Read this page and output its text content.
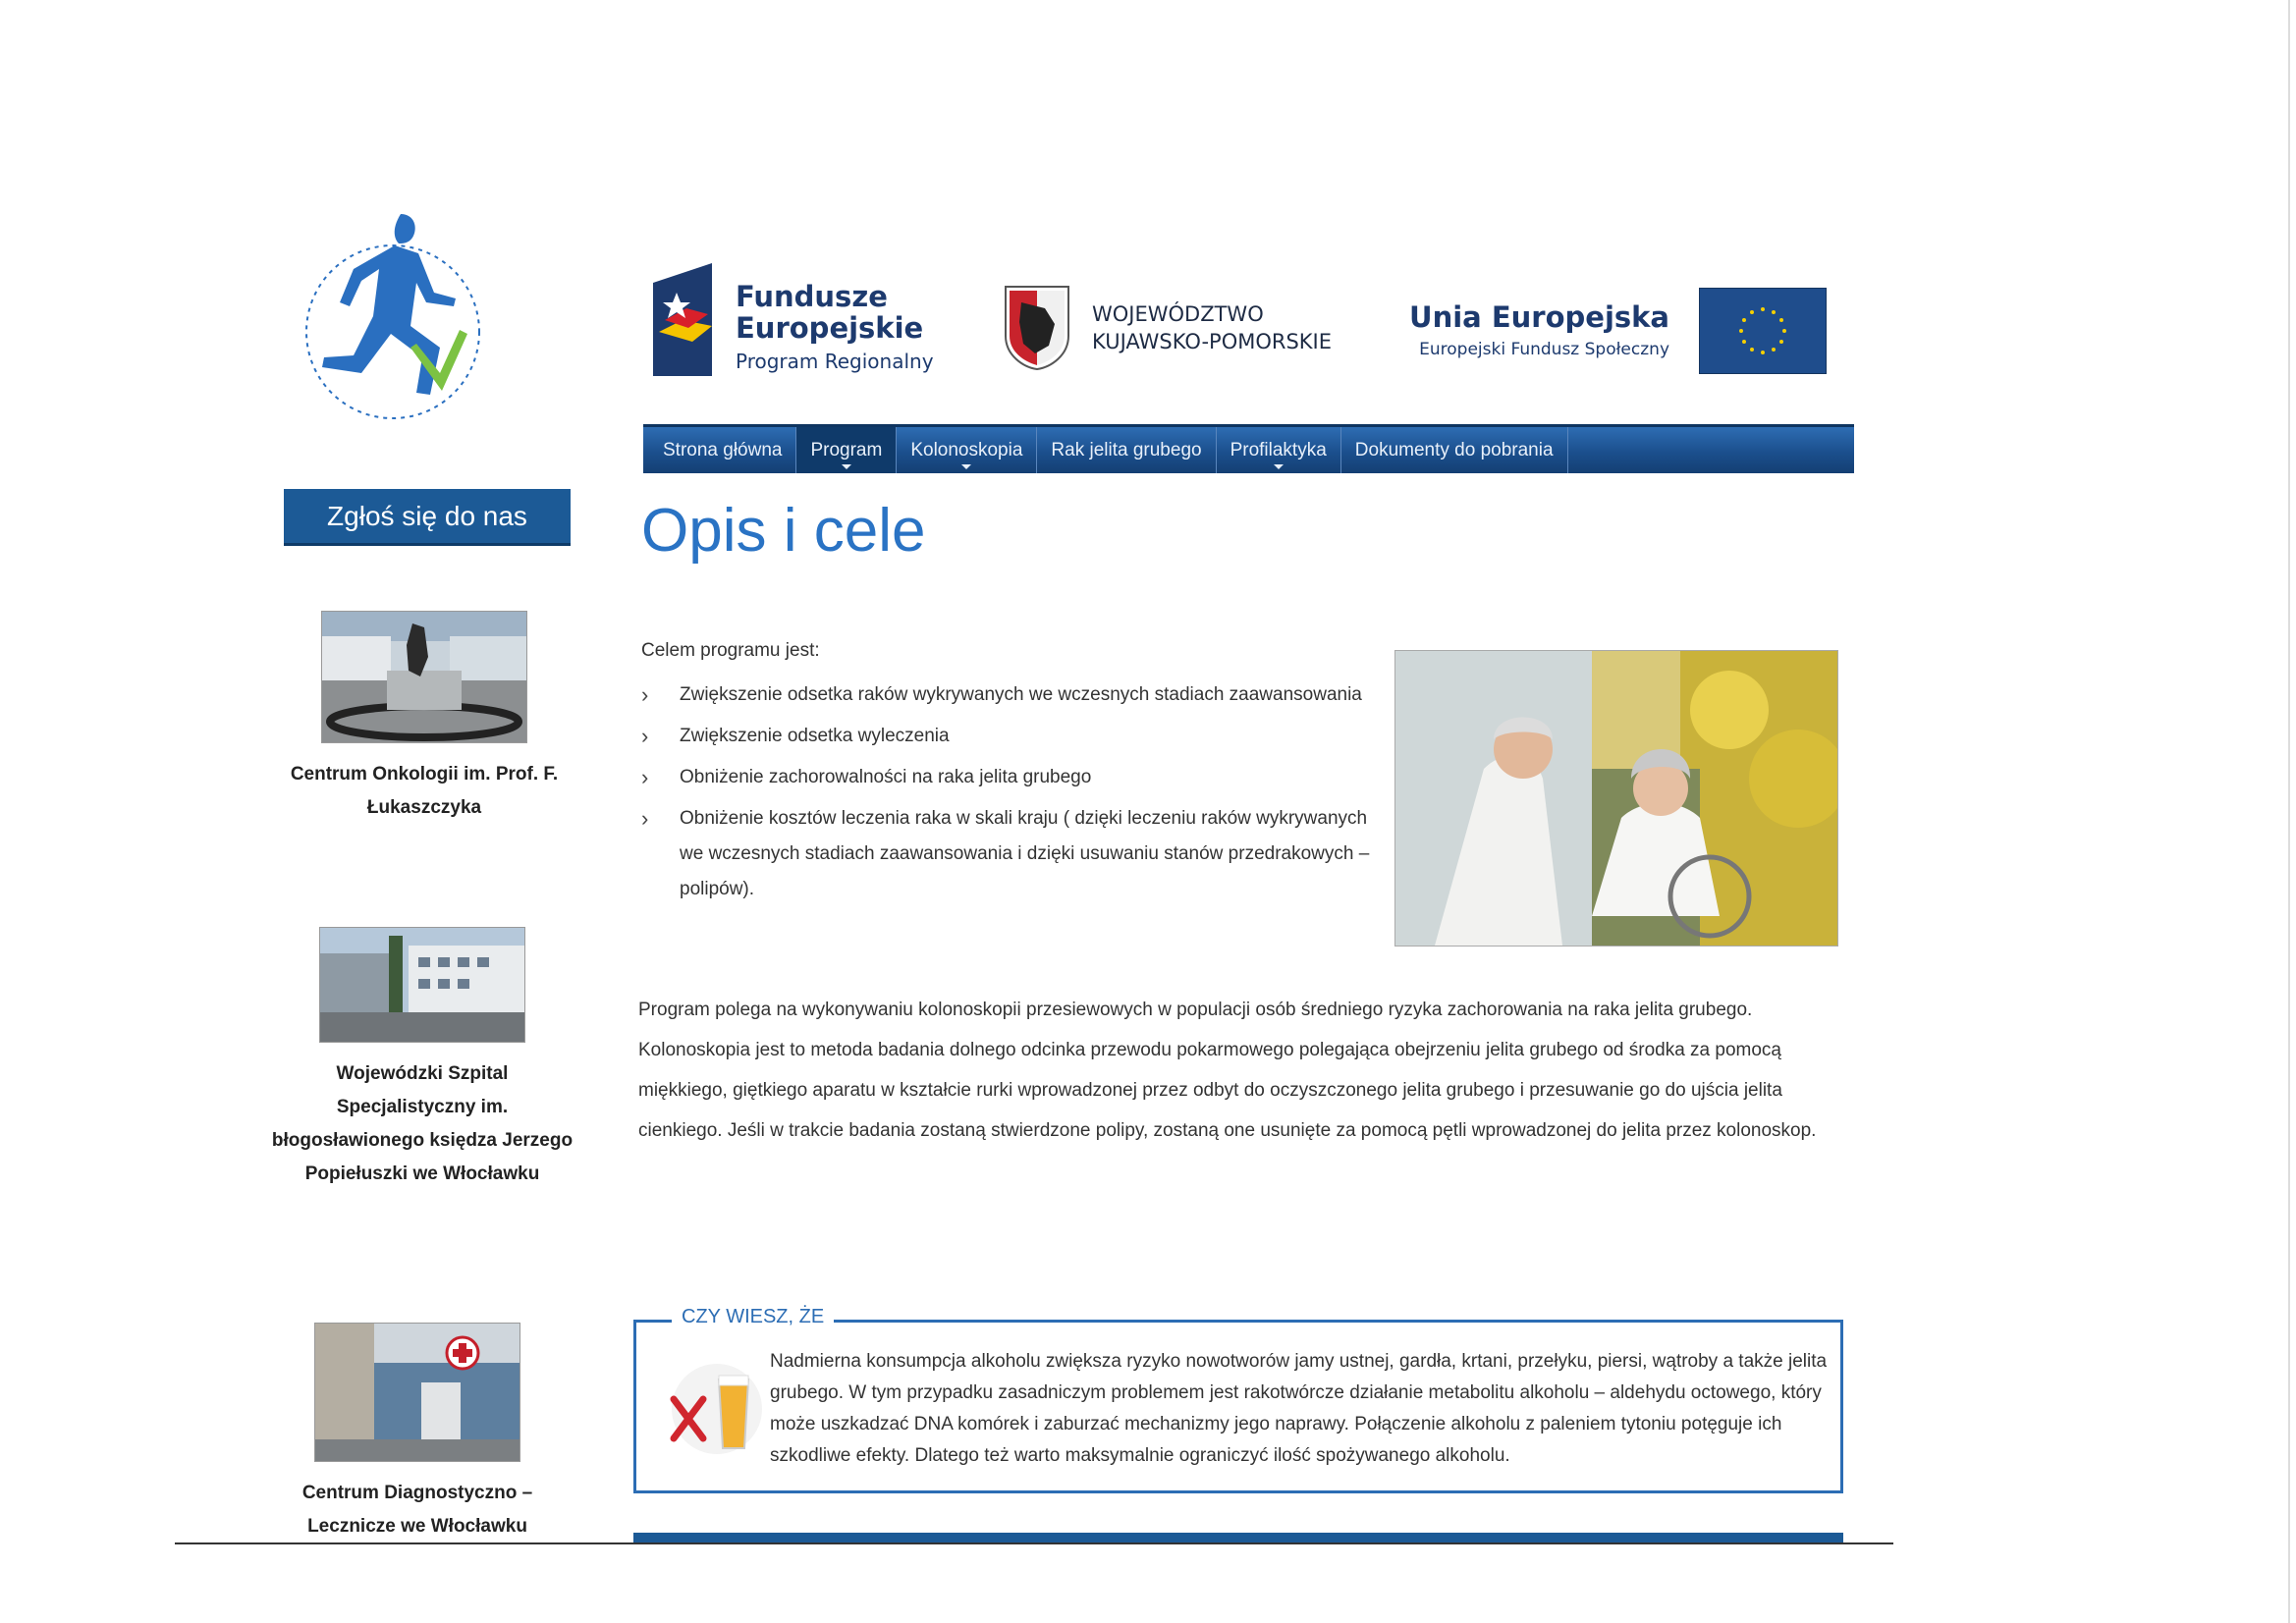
Fundusze
Europejskie
Program Regionalny
WOJEWÓDZTWO
KUJAWSKO-POMORSKIE
Unia Europejska
Europejski Fundusz Społeczny
Strona główna Program Kolonoskopia Rak jelita grubego Profilaktyka Dokumenty do pobrania
Zgłoś się do nas
Centrum Onkologii im. Prof. F. Łukaszczyka
Wojewódzki Szpital Specjalistyczny im. błogosławionego księdza Jerzego Popiełuszki we Włocławku
Centrum Diagnostyczno – Lecznicze we Włocławku
Opis i cele
Celem programu jest:
› Zwiększenie odsetka raków wykrywanych we wczesnych stadiach zaawansowania
› Zwiększenie odsetka wyleczenia
› Obniżenie zachorowalności na raka jelita grubego
› Obniżenie kosztów leczenia raka w skali kraju ( dzięki leczeniu raków wykrywanych we wczesnych stadiach zaawansowania i dzięki usuwaniu stanów przedrakowych – polipów).

Program polega na wykonywaniu kolonoskopii przesiewowych w populacji osób średniego ryzyka zachorowania na raka jelita grubego. Kolonoskopia jest to metoda badania dolnego odcinka przewodu pokarmowego polegająca obejrzeniu jelita grubego od środka za pomocą miękkiego, giętkiego aparatu w kształcie rurki wprowadzonej przez odbyt do oczyszczonego jelita grubego i przesuwanie go do ujścia jelita cienkiego. Jeśli w trakcie badania zostaną stwierdzone polipy, zostaną one usunięte za pomocą pętli wprowadzonej do jelita przez kolonoskop.

CZY WIESZ, ŻE

Nadmierna konsumpcja alkoholu zwiększa ryzyko nowotworów jamy ustnej, gardła, krtani, przełyku, piersi, wątroby a także jelita grubego. W tym przypadku zasadniczym problemem jest rakotwórcze działanie metabolitu alkoholu – aldehydu octowego, który może uszkadzać DNA komórek i zaburzać mechanizmy jego naprawy. Połączenie alkoholu z paleniem tytoniu potęguje ich szkodliwe efekty. Dlatego też warto maksymalnie ograniczyć ilość spożywanego alkoholu.
